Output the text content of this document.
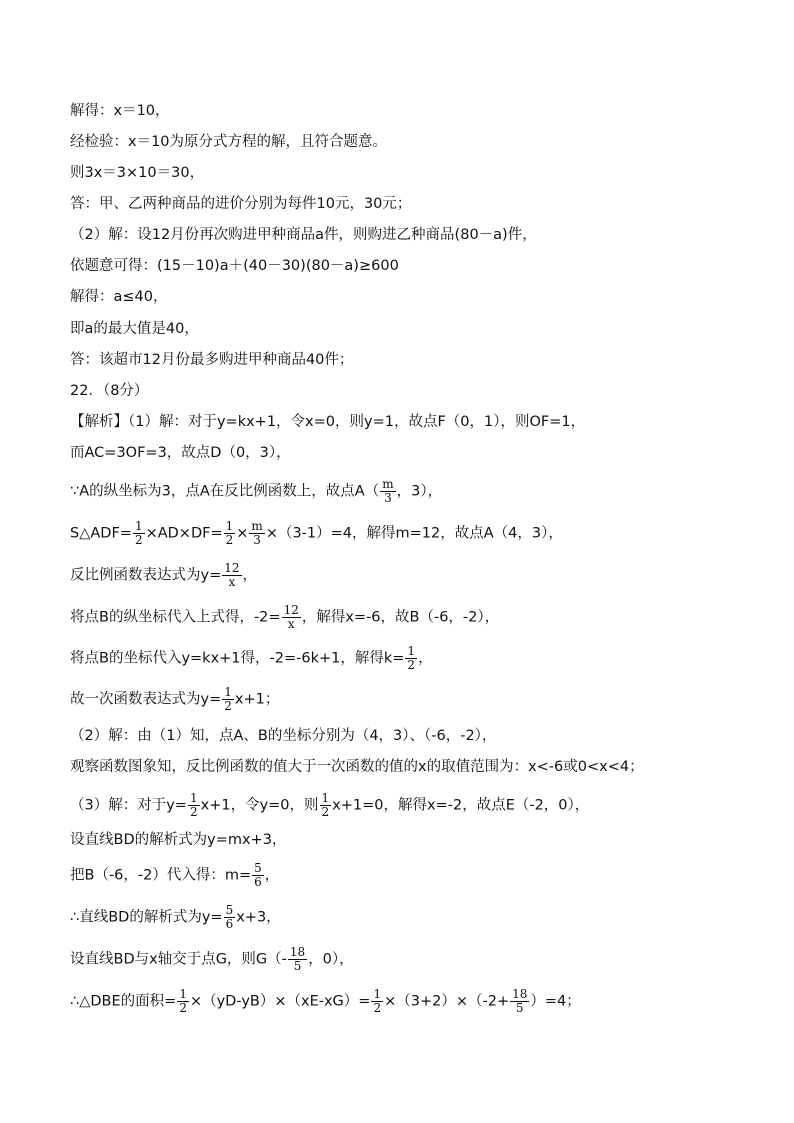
解得：x＝10，
经检验：x＝10为原分式方程的解，且符合题意。
则3x＝3×10＝30，
答：甲、乙两种商品的进价分别为每件10元，30元；
（2）解：设12月份再次购进甲种商品a件，则购进乙种商品(80－a)件，
依题意可得：(15－10)a＋(40－30)(80－a)≥600
解得：a≤40，
即a的最大值是40，
答：该超市12月份最多购进甲种商品40件；
22．（8分）
【解析】（1）解：对于y=kx+1，令x=0，则y=1，故点F（0，1），则OF=1，
而AC=3OF=3，故点D（0，3），
∵A的纵坐标为3，点A在反比例函数上，故点$A( \frac{m}{3}$ ，3），
S△ADF= $\frac{1}{2} \times AD\times DF= \frac{1}{2} \times \frac{m}{3} \times(3-1)=4$，解得m=12，故点A（4，3），
反比例函数表达式为$y= \frac{12}{x}$ ，
将点B的纵坐标代入上式得，$-2= \frac{12}{x}$ ，解得x=-6，故B（-6，-2），
将点B的坐标代入y=kx+1得，-2=-6k+1，解得$k= \frac{1}{2}$ ，
故一次函数表达式为$y= \frac{1}{2} x+1$；
（2）解：由（1）知，点A、B的坐标分别为（4，3）、（-6，-2），
观察函数图象知，反比例函数的值大于一次函数的值的x的取值范围为：x<-6或0<x<4；
（3）解：对于$y= \frac{1}{2} x+1$，令y=0，则 $\frac{1}{2} x+1=0$，解得x=-2，故点E（-2，0），
设直线BD的解析式为y=mx+3，
把B（-6，-2）代入得：$m= \frac{5}{6}$ ，
∴直线BD的解析式为$y= \frac{5}{6} x+3$，
设直线BD与x轴交于点G，则$G(- \frac{18}{5}$ ，0），
∴△DBE的面积= $\frac{1}{2} \times(yD-yB)\times(xE-xG)= \frac{1}{2} \times(3+2)\times(-2+ \frac{18}{5} )=4$；
